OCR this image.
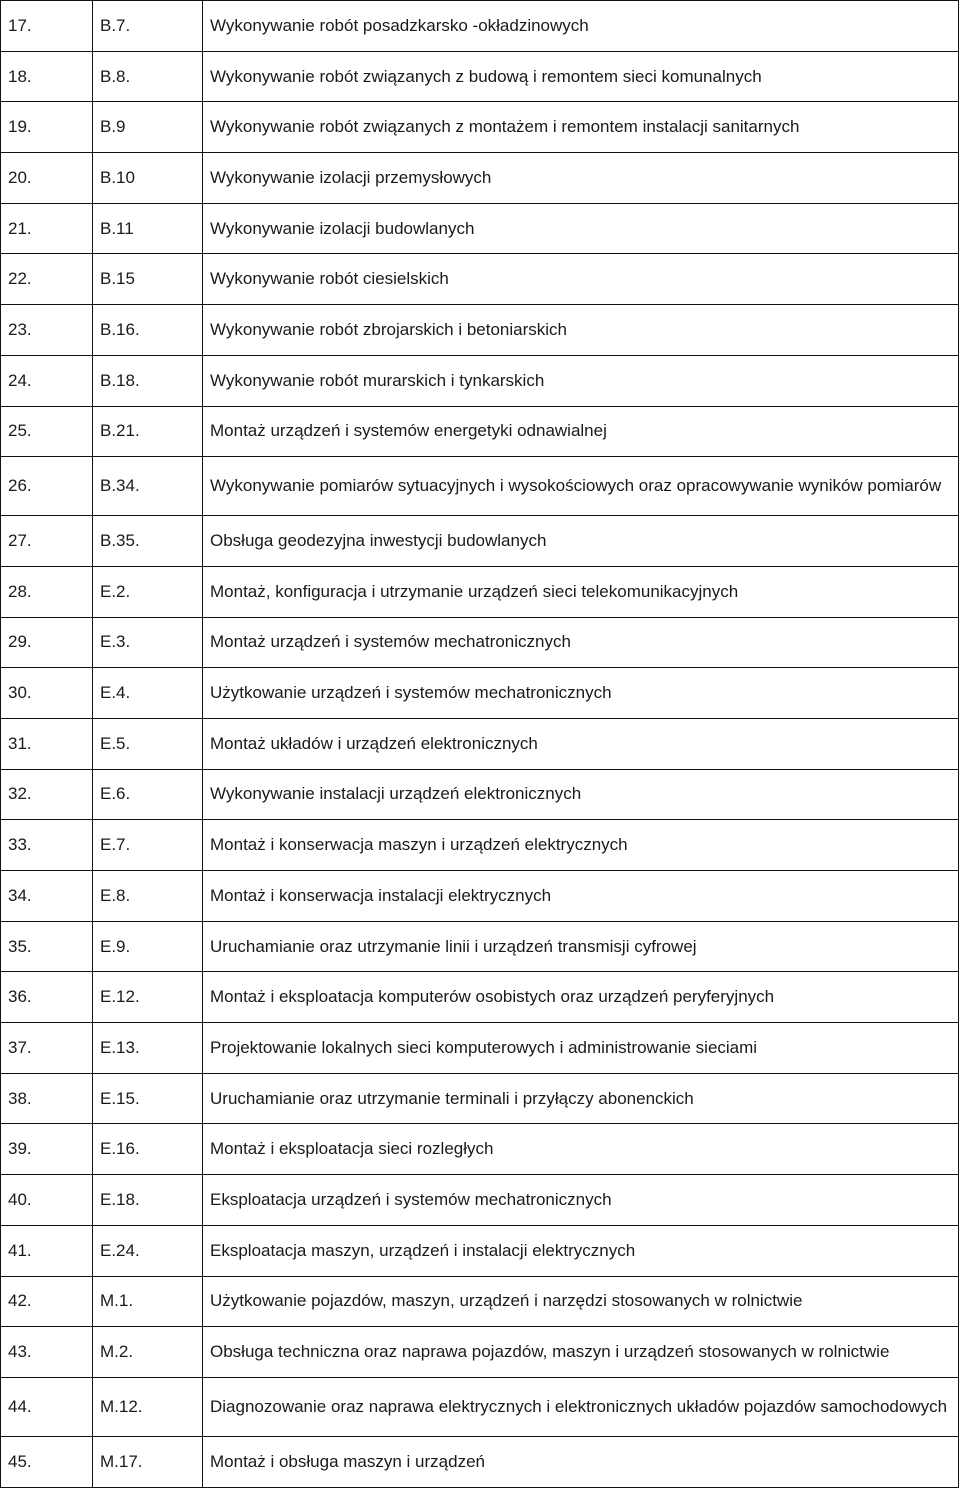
17.	B.7.	Wykonywanie robót posadzkarsko -okładzinowych
18.	B.8.	Wykonywanie robót związanych z budową i remontem sieci komunalnych
19.	B.9	Wykonywanie robót związanych z montażem i remontem instalacji sanitarnych
20.	B.10	Wykonywanie izolacji przemysłowych
21.	B.11	Wykonywanie izolacji budowlanych
22.	B.15	Wykonywanie robót ciesielskich
23.	B.16.	Wykonywanie robót zbrojarskich i betoniarskich
24.	B.18.	Wykonywanie robót murarskich i tynkarskich
25.	B.21.	Montaż urządzeń i systemów energetyki odnawialnej
26.	B.34.	Wykonywanie pomiarów sytuacyjnych i wysokościowych oraz opracowywanie wyników pomiarów
27.	B.35.	Obsługa geodezyjna inwestycji budowlanych
28.	E.2.	Montaż, konfiguracja i utrzymanie urządzeń sieci telekomunikacyjnych
29.	E.3.	Montaż urządzeń i systemów mechatronicznych
30.	E.4.	Użytkowanie urządzeń i systemów mechatronicznych
31.	E.5.	Montaż układów i urządzeń elektronicznych
32.	E.6.	Wykonywanie instalacji urządzeń elektronicznych
33.	E.7.	Montaż i konserwacja maszyn i urządzeń elektrycznych
34.	E.8.	Montaż i konserwacja instalacji elektrycznych
35.	E.9.	Uruchamianie oraz utrzymanie linii i urządzeń transmisji cyfrowej
36.	E.12.	Montaż i eksploatacja komputerów osobistych oraz urządzeń peryferyjnych
37.	E.13.	Projektowanie lokalnych sieci komputerowych i administrowanie sieciami
38.	E.15.	Uruchamianie oraz utrzymanie terminali i przyłączy abonenckich
39.	E.16.	Montaż i eksploatacja sieci rozległych
40.	E.18.	Eksploatacja urządzeń i systemów mechatronicznych
41.	E.24.	Eksploatacja maszyn, urządzeń i instalacji elektrycznych
42.	M.1.	Użytkowanie pojazdów, maszyn, urządzeń i narzędzi stosowanych w rolnictwie
43.	M.2.	Obsługa techniczna oraz naprawa pojazdów, maszyn i urządzeń stosowanych w rolnictwie
44.	M.12.	Diagnozowanie oraz naprawa elektrycznych i elektronicznych układów pojazdów samochodowych
45.	M.17.	Montaż i obsługa maszyn i urządzeń
